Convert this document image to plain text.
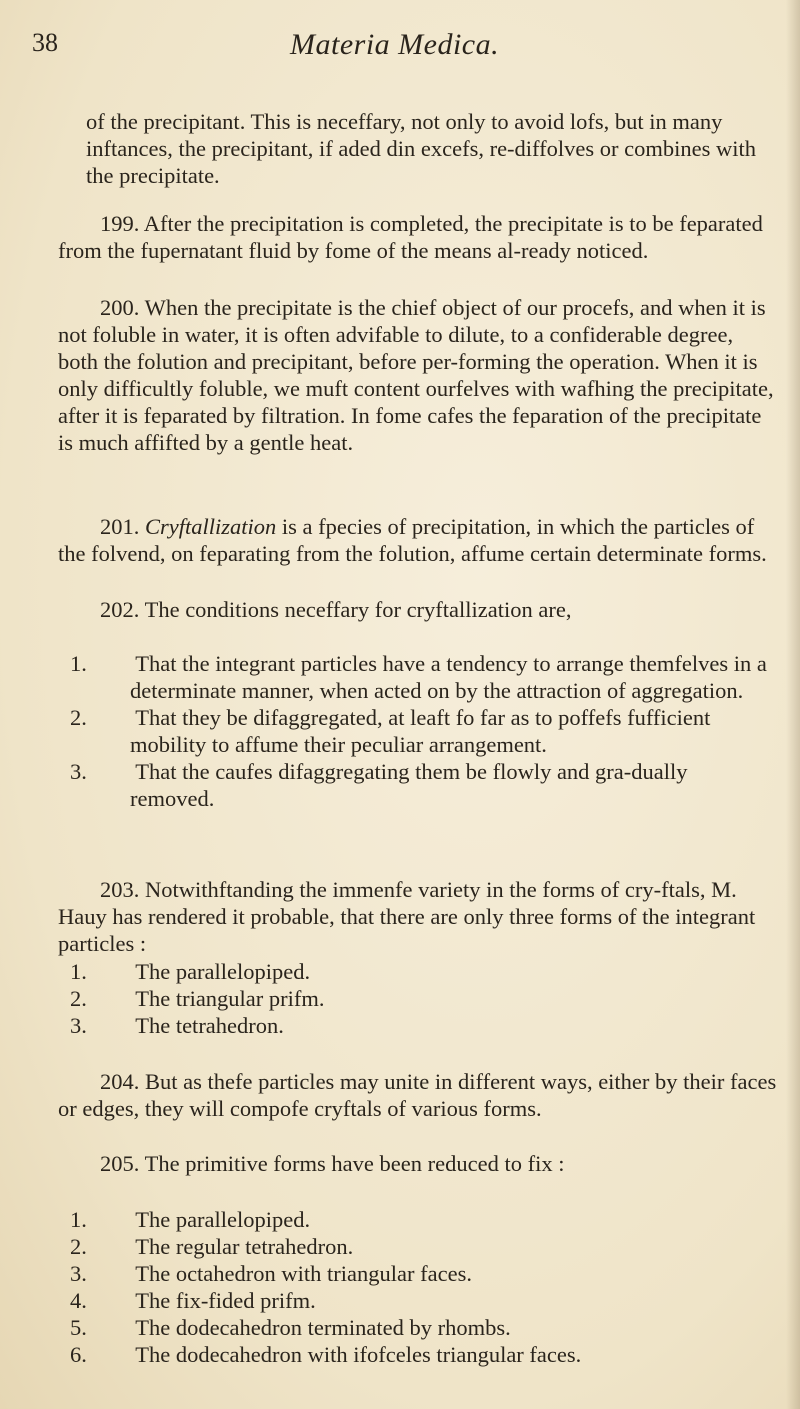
38	Materia Medica.
of the precipitant. This is neceffary, not only to avoid lofs, but in many inftances, the precipitant, if aded din excefs, re-diffolves or combines with the precipitate.
199. After the precipitation is completed, the precipitate is to be feparated from the fupernatant fluid by fome of the means al-ready noticed.
200. When the precipitate is the chief object of our procefs, and when it is not foluble in water, it is often advifable to dilute, to a confiderable degree, both the folution and precipitant, before per-forming the operation. When it is only difficultly foluble, we muft content ourfelves with wafhing the precipitate, after it is feparated by filtration. In fome cafes the feparation of the precipitate is much affifted by a gentle heat.
201. Cryftallization is a fpecies of precipitation, in which the particles of the folvend, on feparating from the folution, affume certain determinate forms.
202. The conditions neceffary for cryftallization are,
1. That the integrant particles have a tendency to arrange themfelves in a determinate manner, when acted on by the attraction of aggregation.
2. That they be difaggregated, at leaft fo far as to poffefs fufficient mobility to affume their peculiar arrangement.
3. That the caufes difaggregating them be flowly and gra-dually removed.
203. Notwithftanding the immenfe variety in the forms of cry-ftals, M. Hauy has rendered it probable, that there are only three forms of the integrant particles :
1. The parallelopiped.
2. The triangular prifm.
3. The tetrahedron.
204. But as thefe particles may unite in different ways, either by their faces or edges, they will compofe cryftals of various forms.
205. The primitive forms have been reduced to fix :
1. The parallelopiped.
2. The regular tetrahedron.
3. The octahedron with triangular faces.
4. The fix-fided prifm.
5. The dodecahedron terminated by rhombs.
6. The dodecahedron with ifofceles triangular faces.
